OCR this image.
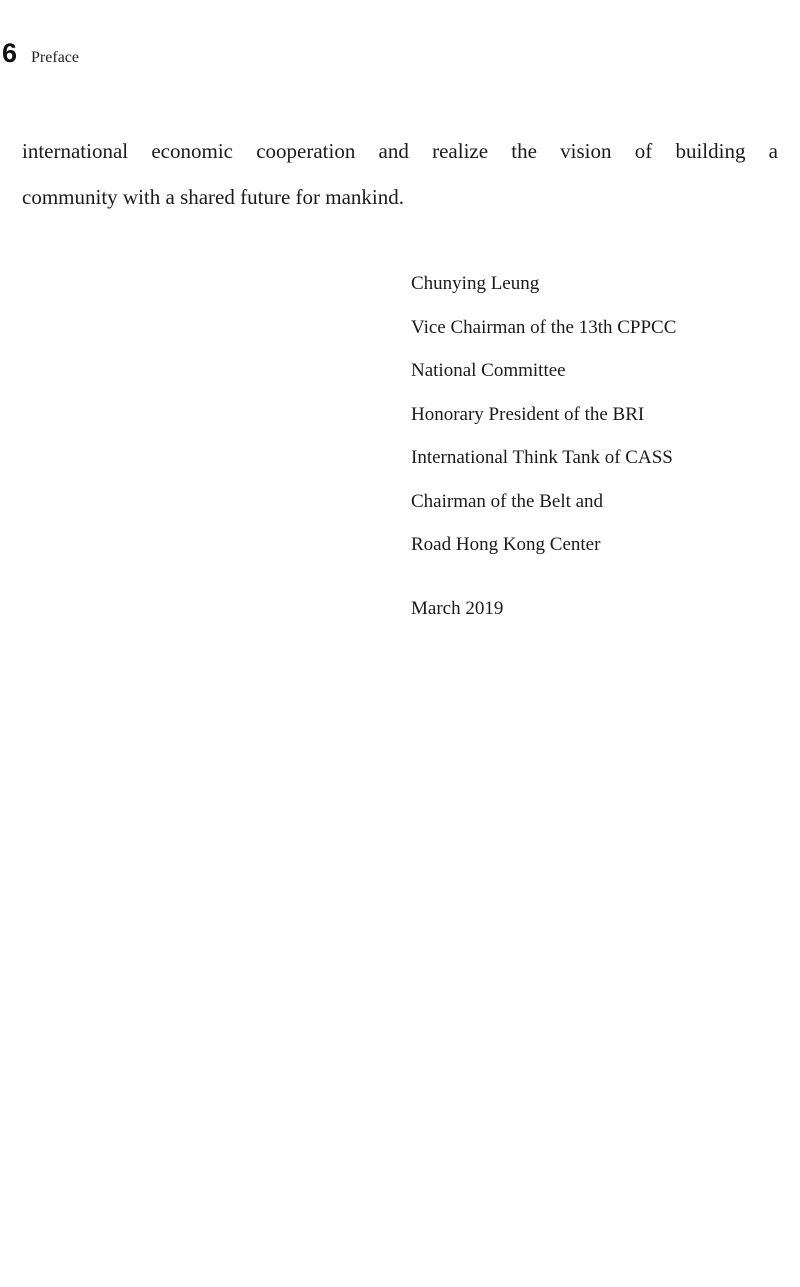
6 Preface
international economic cooperation and realize the vision of building a
community with a shared future for mankind.
Chunying Leung
Vice Chairman of the 13th CPPCC
National Committee
Honorary President of the BRI
International Think Tank of CASS
Chairman of the Belt and
Road Hong Kong Center
March 2019
